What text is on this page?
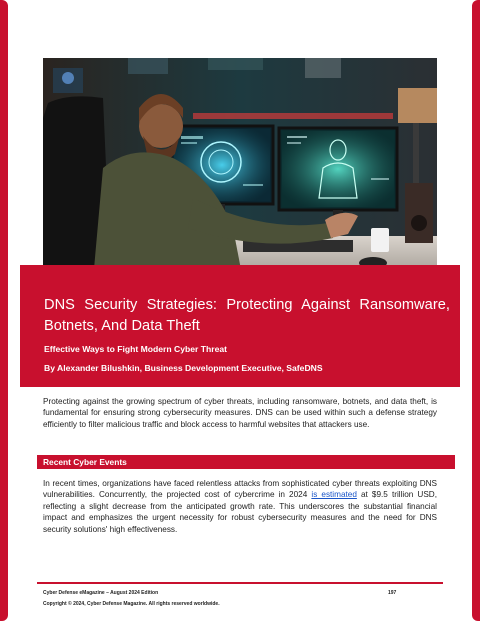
DNS Security Strategies: Protecting Against Ransomware, Botnets, And Data Theft
Effective Ways to Fight Modern Cyber Threat
By Alexander Bilushkin, Business Development Executive, SafeDNS

Protecting against the growing spectrum of cyber threats, including ransomware, botnets, and data theft, is fundamental for ensuring strong cybersecurity measures. DNS can be used within such a defense strategy efficiently to filter malicious traffic and block access to harmful websites that attackers use.

Recent Cyber Events

In recent times, organizations have faced relentless attacks from sophisticated cyber threats exploiting DNS vulnerabilities. Concurrently, the projected cost of cybercrime in 2024 is estimated at $9.5 trillion USD, reflecting a slight decrease from the anticipated growth rate. This underscores the substantial financial impact and emphasizes the urgent necessity for robust cybersecurity measures and the need for DNS security solutions' high effectiveness.

Cyber Defense eMagazine – August 2024 Edition	197
Copyright © 2024, Cyber Defense Magazine. All rights reserved worldwide.
